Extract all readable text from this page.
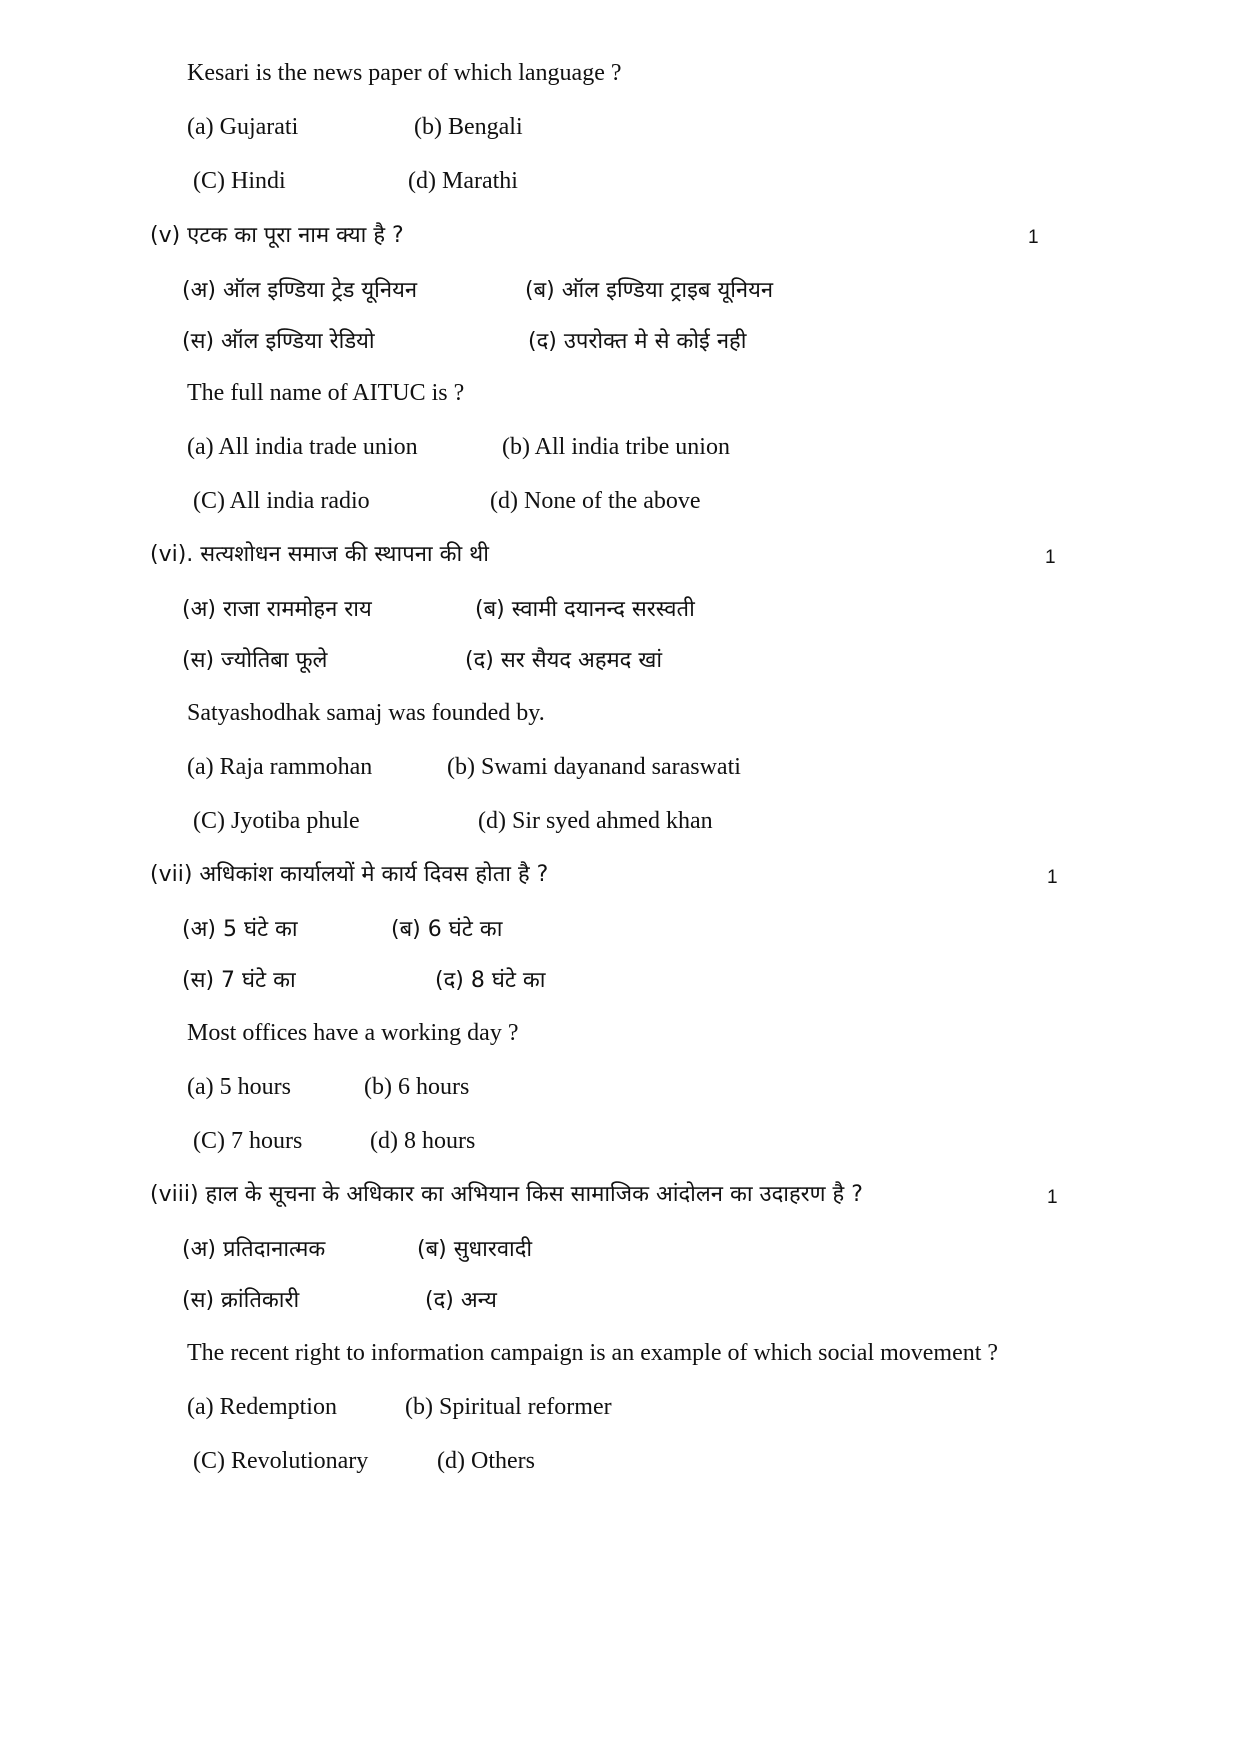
Kesari is the news paper of which language ?
(a) Gujarati	(b) Bengali
(C) Hindi	(d) Marathi
(v) एटक का पूरा नाम क्या है ?	1
(अ) ऑल इण्डिया ट्रेड यूनियन	(ब) ऑल इण्डिया ट्राइब यूनियन
(स) ऑल इण्डिया रेडियो	(द) उपरोक्त मे से कोई नही
The full name of AITUC is ?
(a) All india trade union	(b) All india tribe union
(C) All india radio	(d) None of the above
(vi). सत्यशोधन समाज की स्थापना की थी	1
(अ) राजा राममोहन राय	(ब) स्वामी दयानन्द सरस्वती
(स) ज्योतिबा फूले	(द) सर सैयद अहमद खां
Satyashodhak samaj was founded by.
(a) Raja rammohan	(b) Swami dayanand saraswati
(C) Jyotiba phule	(d) Sir syed ahmed khan
(vii) अधिकांश कार्यालयों मे कार्य दिवस होता है ?	1
(अ) 5 घंटे का	(ब) 6 घंटे का
(स) 7 घंटे का	(द) 8 घंटे का
Most offices have a working day ?
(a) 5 hours	(b) 6 hours
(C) 7 hours	(d) 8 hours
(viii) हाल के सूचना के अधिकार का अभियान किस सामाजिक आंदोलन का उदाहरण है ?	1
(अ) प्रतिदानात्मक	(ब) सुधारवादी
(स) क्रांतिकारी	(द) अन्य
The recent right to information campaign is an example of which social movement ?
(a) Redemption	(b) Spiritual reformer
(C) Revolutionary	(d) Others
